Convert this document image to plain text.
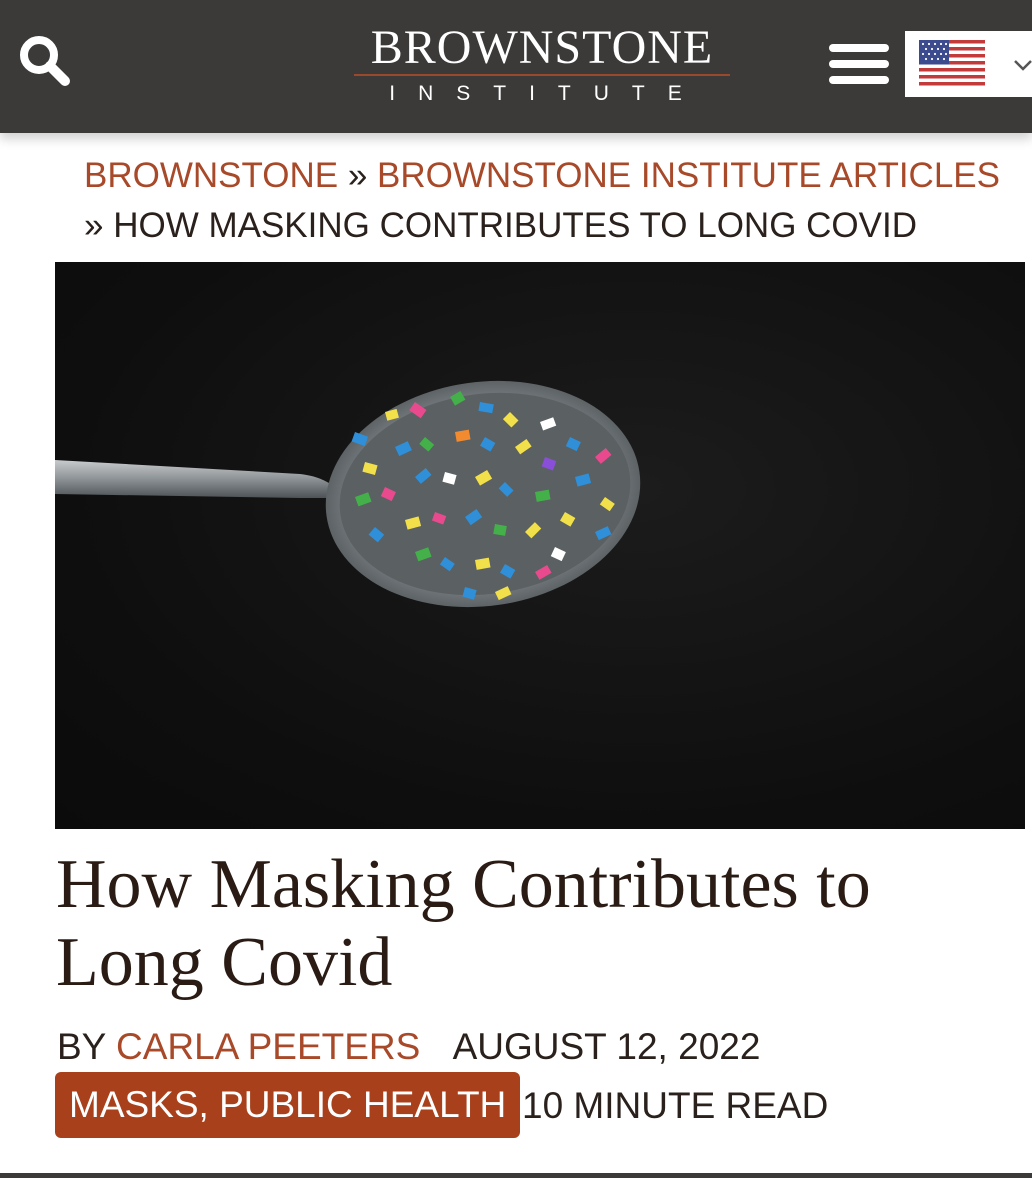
BROWNSTONE
INSTITUTE
BROWNSTONE » BROWNSTONE INSTITUTE ARTICLES » HOW MASKING CONTRIBUTES TO LONG COVID
How Masking Contributes to Long Covid
BY CARLA PEETERS AUGUST 12, 2022
MASKS, PUBLIC HEALTH 10 MINUTE READ
